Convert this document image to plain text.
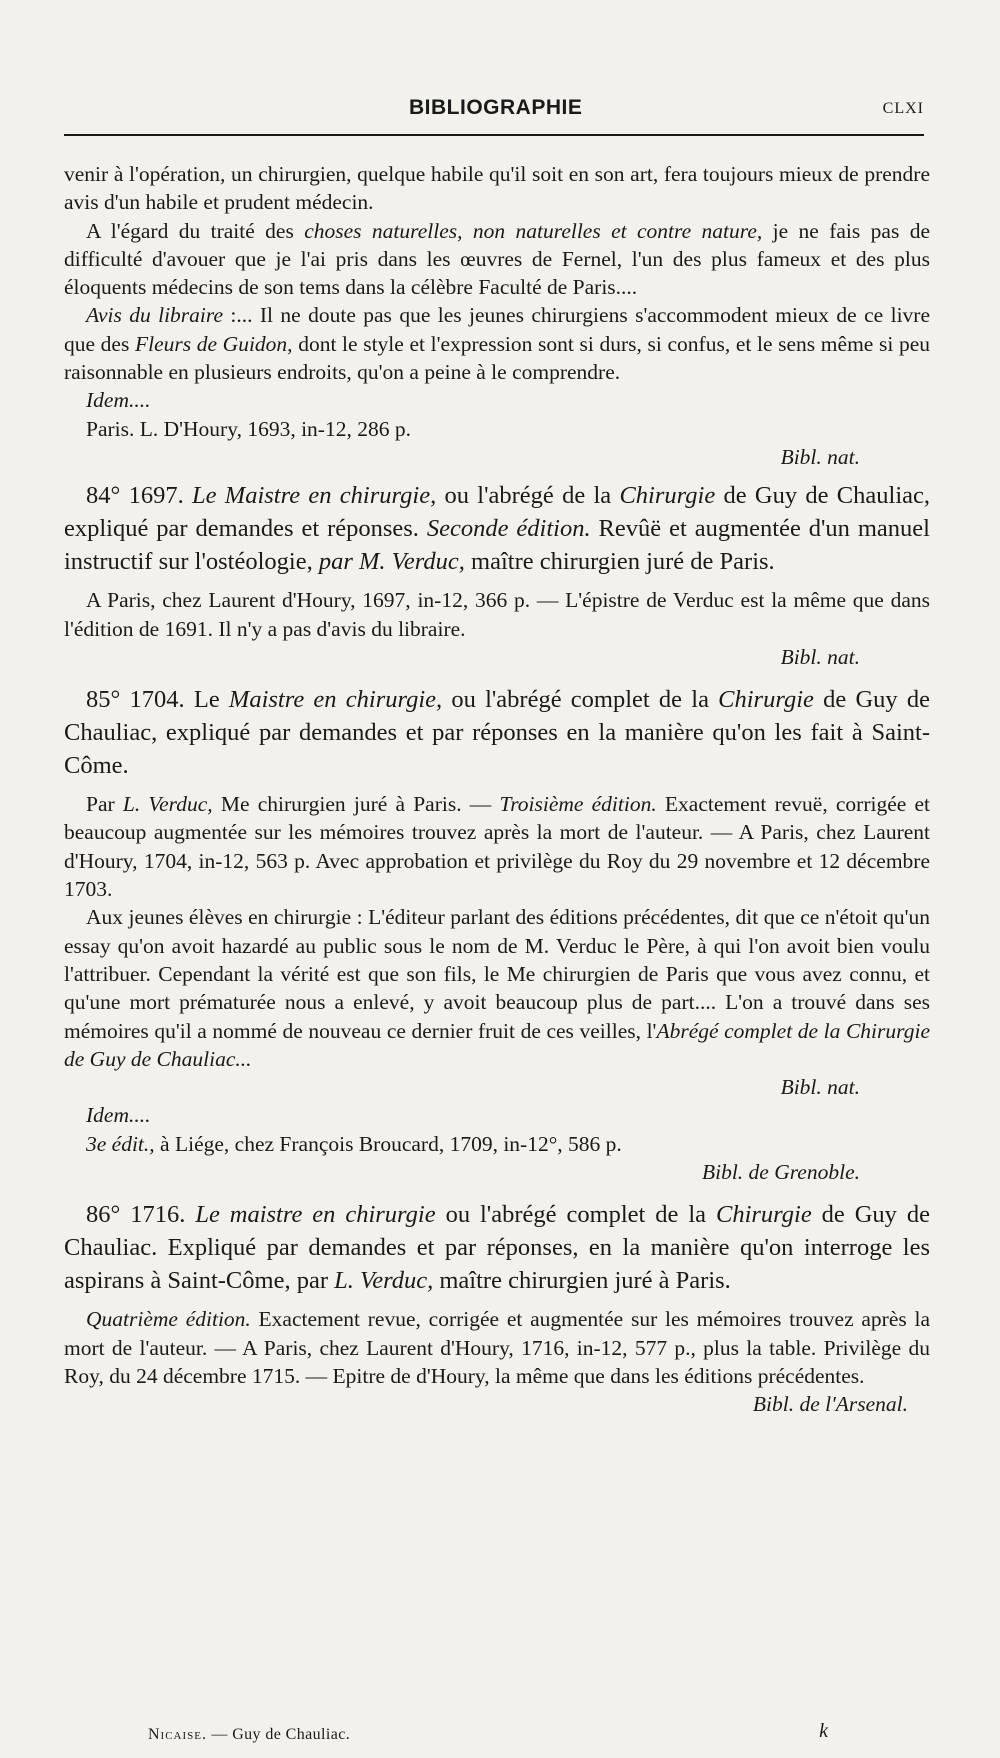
BIBLIOGRAPHIE	CLXI

venir à l'opération, un chirurgien, quelque habile qu'il soit en son art, fera toujours mieux de prendre avis d'un habile et prudent médecin.

A l'égard du traité des choses naturelles, non naturelles et contre nature, je ne fais pas de difficulté d'avouer que je l'ai pris dans les œuvres de Fernel, l'un des plus fameux et des plus éloquents médecins de son tems dans la célèbre Faculté de Paris....

Avis du libraire :... Il ne doute pas que les jeunes chirurgiens s'accommodent mieux de ce livre que des Fleurs de Guidon, dont le style et l'expression sont si durs, si confus, et le sens même si peu raisonnable en plusieurs endroits, qu'on a peine à le comprendre.

Idem....

Paris. L. D'Houry, 1693, in-12, 286 p.

Bibl. nat.

84° 1697. Le Maistre en chirurgie, ou l'abrégé de la Chirurgie de Guy de Chauliac, expliqué par demandes et réponses. Seconde édition. Revûë et augmentée d'un manuel instructif sur l'ostéologie, par M. Verduc, maître chirurgien juré de Paris.

A Paris, chez Laurent d'Houry, 1697, in-12, 366 p. — L'épistre de Verduc est la même que dans l'édition de 1691. Il n'y a pas d'avis du libraire.

Bibl. nat.

85° 1704. Le Maistre en chirurgie, ou l'abrégé complet de la Chirurgie de Guy de Chauliac, expliqué par demandes et par réponses en la manière qu'on les fait à Saint-Côme.

Par L. Verduc, Me chirurgien juré à Paris. — Troisième édition. Exactement revuë, corrigée et beaucoup augmentée sur les mémoires trouvez après la mort de l'auteur. — A Paris, chez Laurent d'Houry, 1704, in-12, 563 p. Avec approbation et privilège du Roy du 29 novembre et 12 décembre 1703.

Aux jeunes élèves en chirurgie : L'éditeur parlant des éditions précédentes, dit que ce n'étoit qu'un essay qu'on avoit hazardé au public sous le nom de M. Verduc le Père, à qui l'on avoit bien voulu l'attribuer. Cependant la vérité est que son fils, le Me chirurgien de Paris que vous avez connu, et qu'une mort prématurée nous a enlevé, y avoit beaucoup plus de part.... L'on a trouvé dans ses mémoires qu'il a nommé de nouveau ce dernier fruit de ces veilles, l'Abrégé complet de la Chirurgie de Guy de Chauliac...

Bibl. nat.

Idem....

3e édit., à Liége, chez François Broucard, 1709, in-12°, 586 p.

Bibl. de Grenoble.

86° 1716. Le maistre en chirurgie ou l'abrégé complet de la Chirurgie de Guy de Chauliac. Expliqué par demandes et par réponses, en la manière qu'on interroge les aspirans à Saint-Côme, par L. Verduc, maître chirurgien juré à Paris.

Quatrième édition. Exactement revue, corrigée et augmentée sur les mémoires trouvez après la mort de l'auteur. — A Paris, chez Laurent d'Houry, 1716, in-12, 577 p., plus la table. Privilège du Roy, du 24 décembre 1715. — Epitre de d'Houry, la même que dans les éditions précédentes.

Bibl. de l'Arsenal.

Nicaise. — Guy de Chauliac.	k
